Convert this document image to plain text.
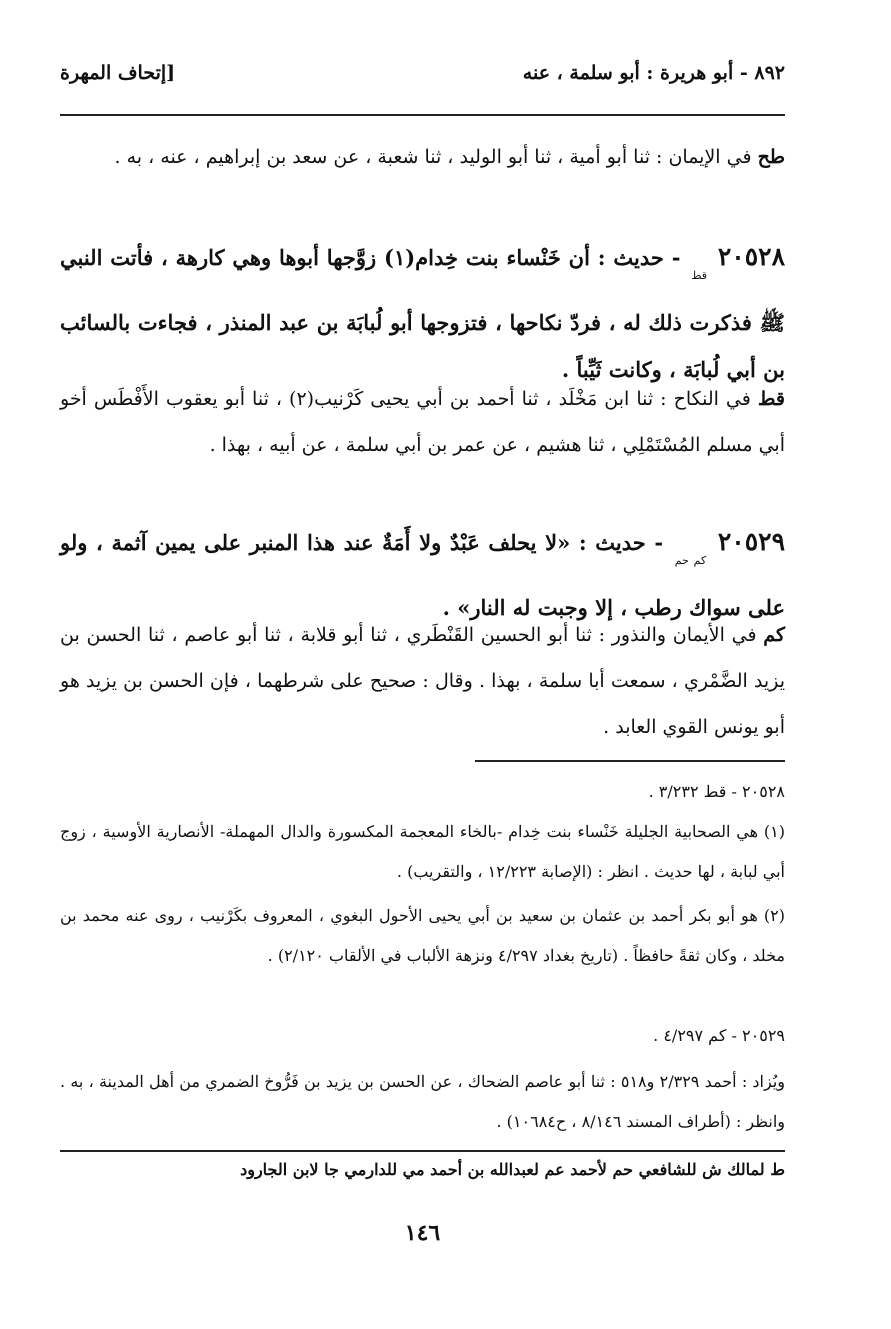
٨٩٢ - أبو هريرة : أبو سلمة ، عنه
[إتحاف المهرة
طح في الإيمان : ثنا أبو أمية ، ثنا أبو الوليد ، ثنا شعبة ، عن سعد بن إبراهيم ، عنه ، به .
٢٠٥٢٨ $_{قط}$ - حديث : أن خَنْساء بنت خِدام(١) زوَّجها أبوها وهي كارهة ، فأتت النبي ﷺ فذكرت ذلك له ، فردّ نكاحها ، فتزوجها أبو لُبابَة بن عبد المنذر ، فجاءت بالسائب بن أبي لُبابَة ، وكانت ثَيِّباً .
قط في النكاح : ثنا ابن مَخْلَد ، ثنا أحمد بن أبي يحيى كَرْنيب(٢) ، ثنا أبو يعقوب الأَفْطَس أخو أبي مسلم المُسْتَمْلِي ، ثنا هشيم ، عن عمر بن أبي سلمة ، عن أبيه ، بهذا .
٢٠٥٢٩ $_{كم حم}$ - حديث : «لا يحلف عَبْدٌ ولا أَمَةٌ عند هذا المنبر على يمين آثمة ، ولو على سواك رطب ، إلا وجبت له النار» .
كم في الأيمان والنذور : ثنا أبو الحسين القَنْطَري ، ثنا أبو قلابة ، ثنا أبو عاصم ، ثنا الحسن بن يزيد الضَّمْري ، سمعت أبا سلمة ، بهذا . وقال : صحيح على شرطهما ، فإن الحسن بن يزيد هو أبو يونس القوي العابد .
٢٠٥٢٨ - قط ٣/٢٣٢ .
(١) هي الصحابية الجليلة خَنْساء بنت خِدام -بالخاء المعجمة المكسورة والدال المهملة- الأنصارية الأوسية ، زوج أبي لبابة ، لها حديث . انظر : (الإصابة ١٢/٢٢٣ ، والتقريب) .
(٢) هو أبو بكر أحمد بن عثمان بن سعيد بن أبي يحيى الأحول البغوي ، المعروف بكَرْنيب ، روى عنه محمد بن مخلد ، وكان ثقةً حافظاً . (تاريخ بغداد ٤/٢٩٧ ونزهة الألباب في الألقاب ٢/١٢٠) .
٢٠٥٢٩ - كم ٤/٢٩٧ .
ويُزاد : أحمد ٢/٣٢٩ و٥١٨ : ثنا أبو عاصم الضحاك ، عن الحسن بن يزيد بن فَرُّوخ الضمري من أهل المدينة ، به . وانظر : (أطراف المسند ٨/١٤٦ ، ح١٠٦٨٤) .
ط لمالك ش للشافعي حم لأحمد عم لعبدالله بن أحمد مي للدارمي جا لابن الجارود
١٤٦
